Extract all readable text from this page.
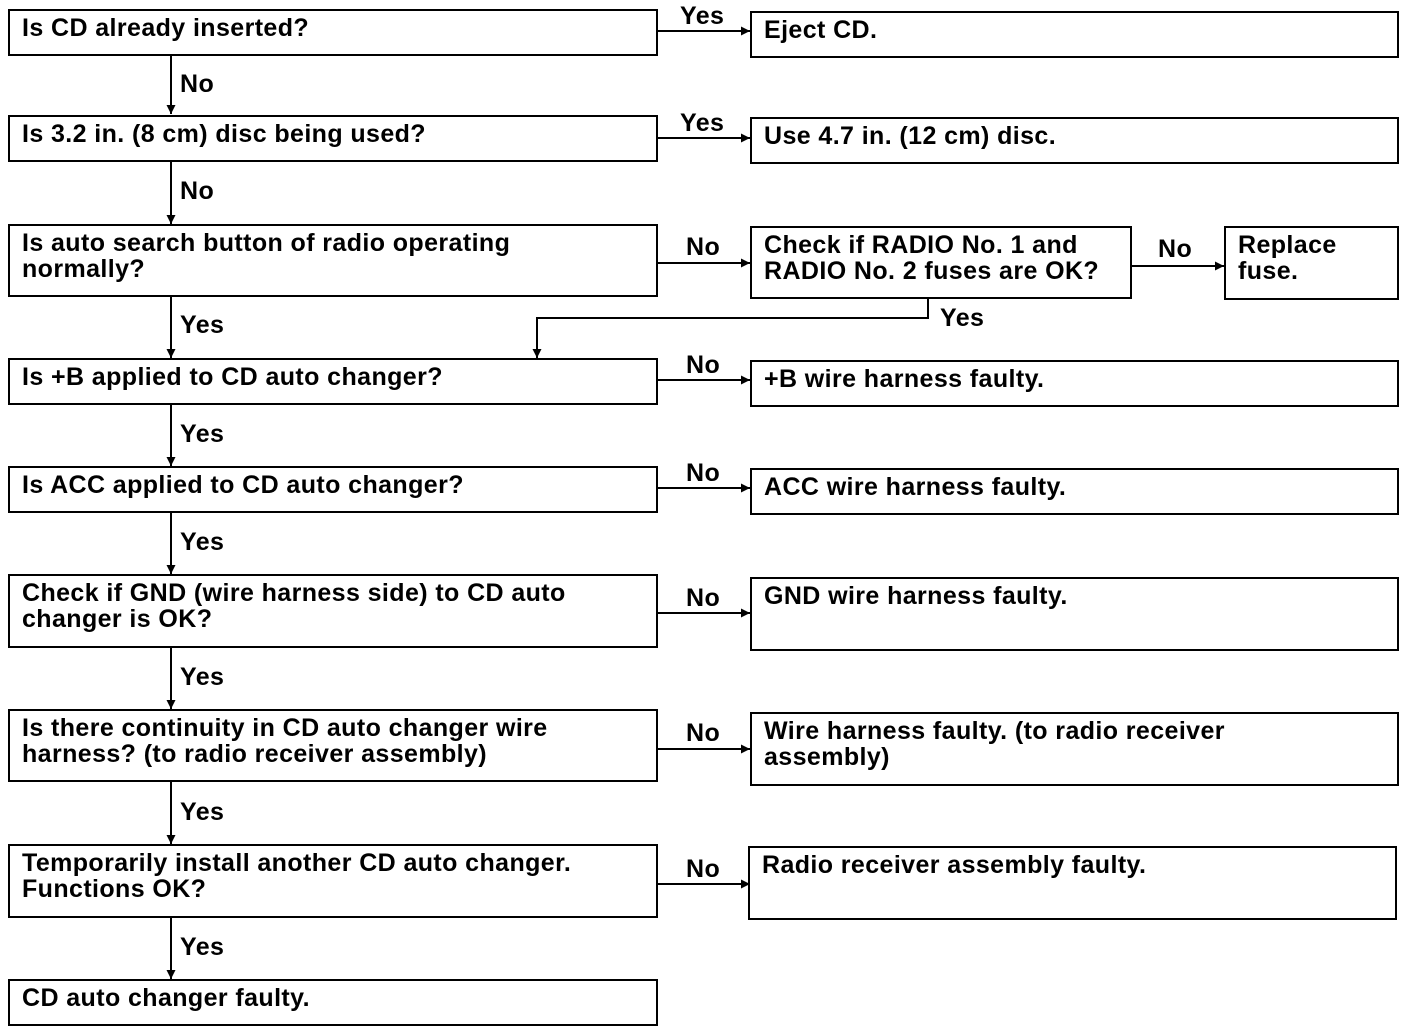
Is CD already inserted?
Is 3.2 in. (8 cm) disc being used?
Is auto search button of radio operating
normally?
Is +B applied to CD auto changer?
Is ACC applied to CD auto changer?
Check if GND (wire harness side) to CD auto
changer is OK?
Is there continuity in CD auto changer wire
harness? (to radio receiver assembly)
Temporarily install another CD auto changer.
Functions OK?
CD auto changer faulty.
Eject CD.
Use 4.7 in. (12 cm) disc.
Check if RADIO No. 1 and
RADIO No. 2 fuses are OK?
Replace
fuse.
+B wire harness faulty.
ACC wire harness faulty.
GND wire harness faulty.
Wire harness faulty. (to radio receiver
assembly)
Radio receiver assembly faulty.
Yes
Yes
No	No
Yes
No
No
No
No
No
No
No
Yes
Yes
Yes
Yes
Yes
Yes
